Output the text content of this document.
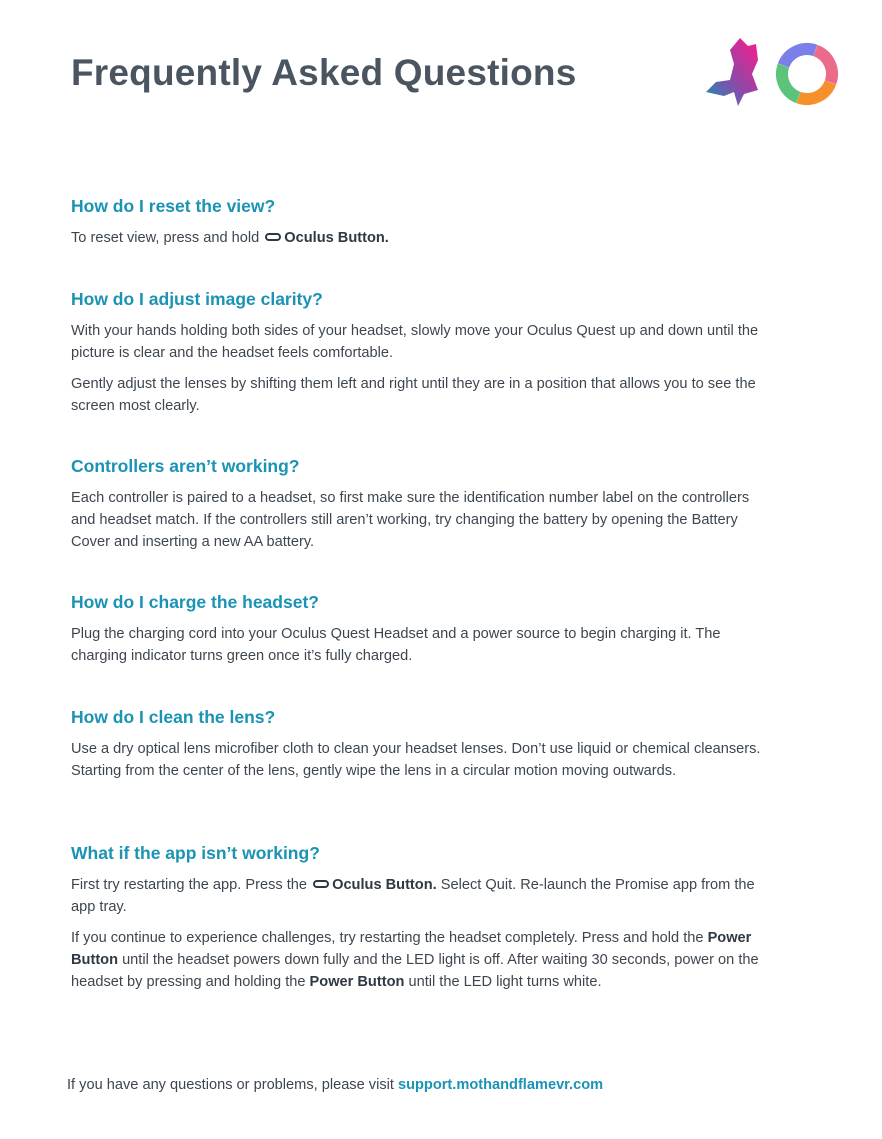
Frequently Asked Questions
How do I reset the view?

To reset view, press and hold Oculus Button.

How do I adjust image clarity?

With your hands holding both sides of your headset, slowly move your Oculus Quest up and down until the picture is clear and the headset feels comfortable.

Gently adjust the lenses by shifting them left and right until they are in a position that allows you to see the screen most clearly.

Controllers aren’t working?

Each controller is paired to a headset, so first make sure the identification number label on the controllers and headset match. If the controllers still aren’t working, try changing the battery by opening the Battery Cover and inserting a new AA battery.

How do I charge the headset?

Plug the charging cord into your Oculus Quest Headset and a power source to begin charging it. The charging indicator turns green once it’s fully charged.

How do I clean the lens?

Use a dry optical lens microfiber cloth to clean your headset lenses. Don’t use liquid or chemical cleansers. Starting from the center of the lens, gently wipe the lens in a circular motion moving outwards.

What if the app isn’t working?

First try restarting the app. Press the Oculus Button. Select Quit. Re-launch the Promise app from the app tray.

If you continue to experience challenges, try restarting the headset completely. Press and hold the Power Button until the headset powers down fully and the LED light is off. After waiting 30 seconds, power on the headset by pressing and holding the Power Button until the LED light turns white.

If you have any questions or problems, please visit support.mothandflamevr.com
